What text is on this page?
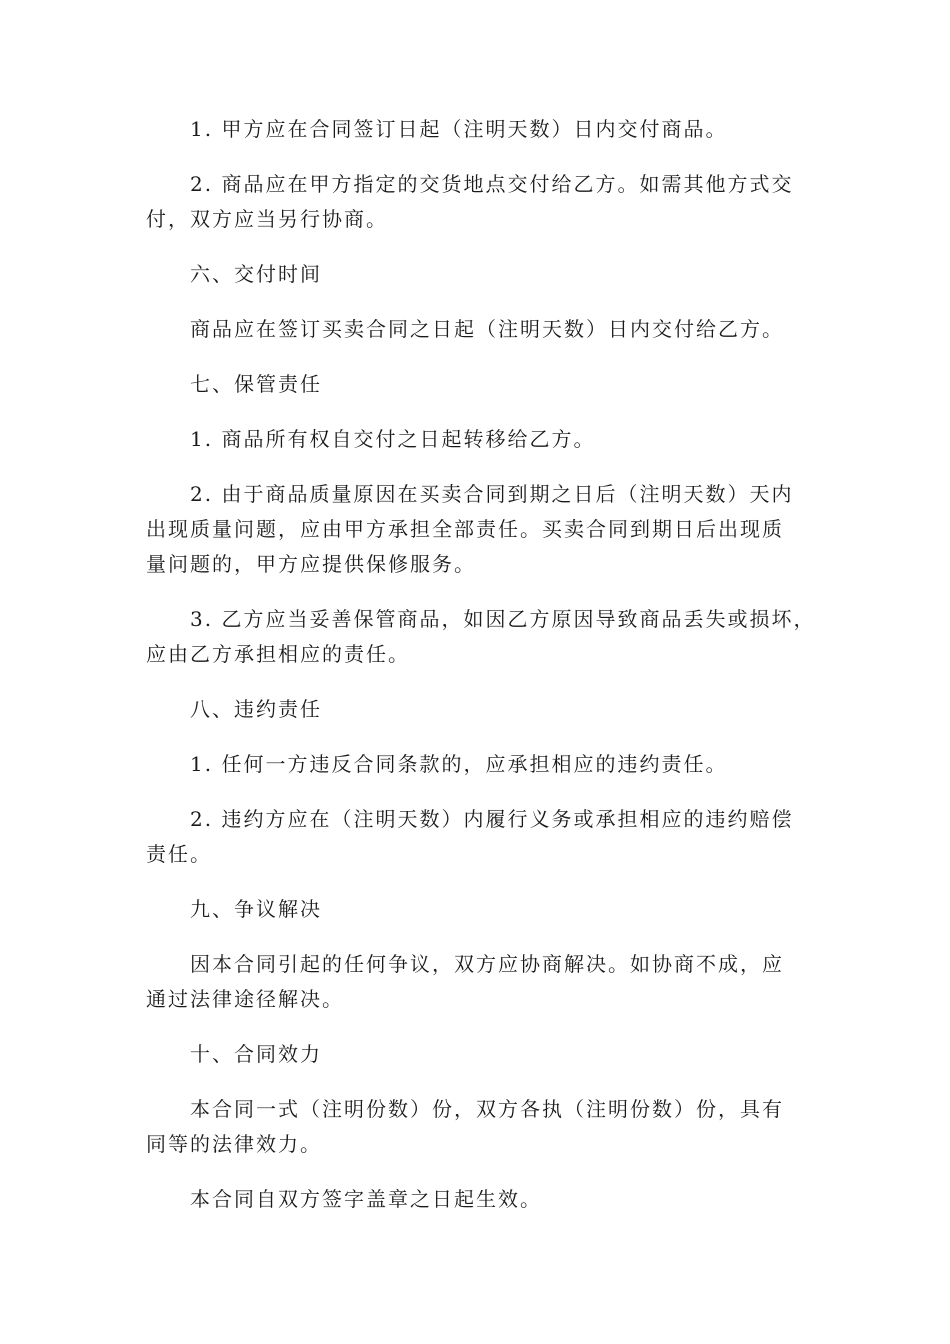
1. 甲方应在合同签订日起（注明天数）日内交付商品。

2. 商品应在甲方指定的交货地点交付给乙方。如需其他方式交
付，双方应当另行协商。

六、交付时间

商品应在签订买卖合同之日起（注明天数）日内交付给乙方。

七、保管责任

1. 商品所有权自交付之日起转移给乙方。

2. 由于商品质量原因在买卖合同到期之日后（注明天数）天内
出现质量问题，应由甲方承担全部责任。买卖合同到期日后出现质
量问题的，甲方应提供保修服务。

3. 乙方应当妥善保管商品，如因乙方原因导致商品丢失或损坏，
应由乙方承担相应的责任。

八、违约责任

1. 任何一方违反合同条款的，应承担相应的违约责任。

2. 违约方应在（注明天数）内履行义务或承担相应的违约赔偿
责任。

九、争议解决

因本合同引起的任何争议，双方应协商解决。如协商不成，应
通过法律途径解决。

十、合同效力

本合同一式（注明份数）份，双方各执（注明份数）份，具有
同等的法律效力。

本合同自双方签字盖章之日起生效。
